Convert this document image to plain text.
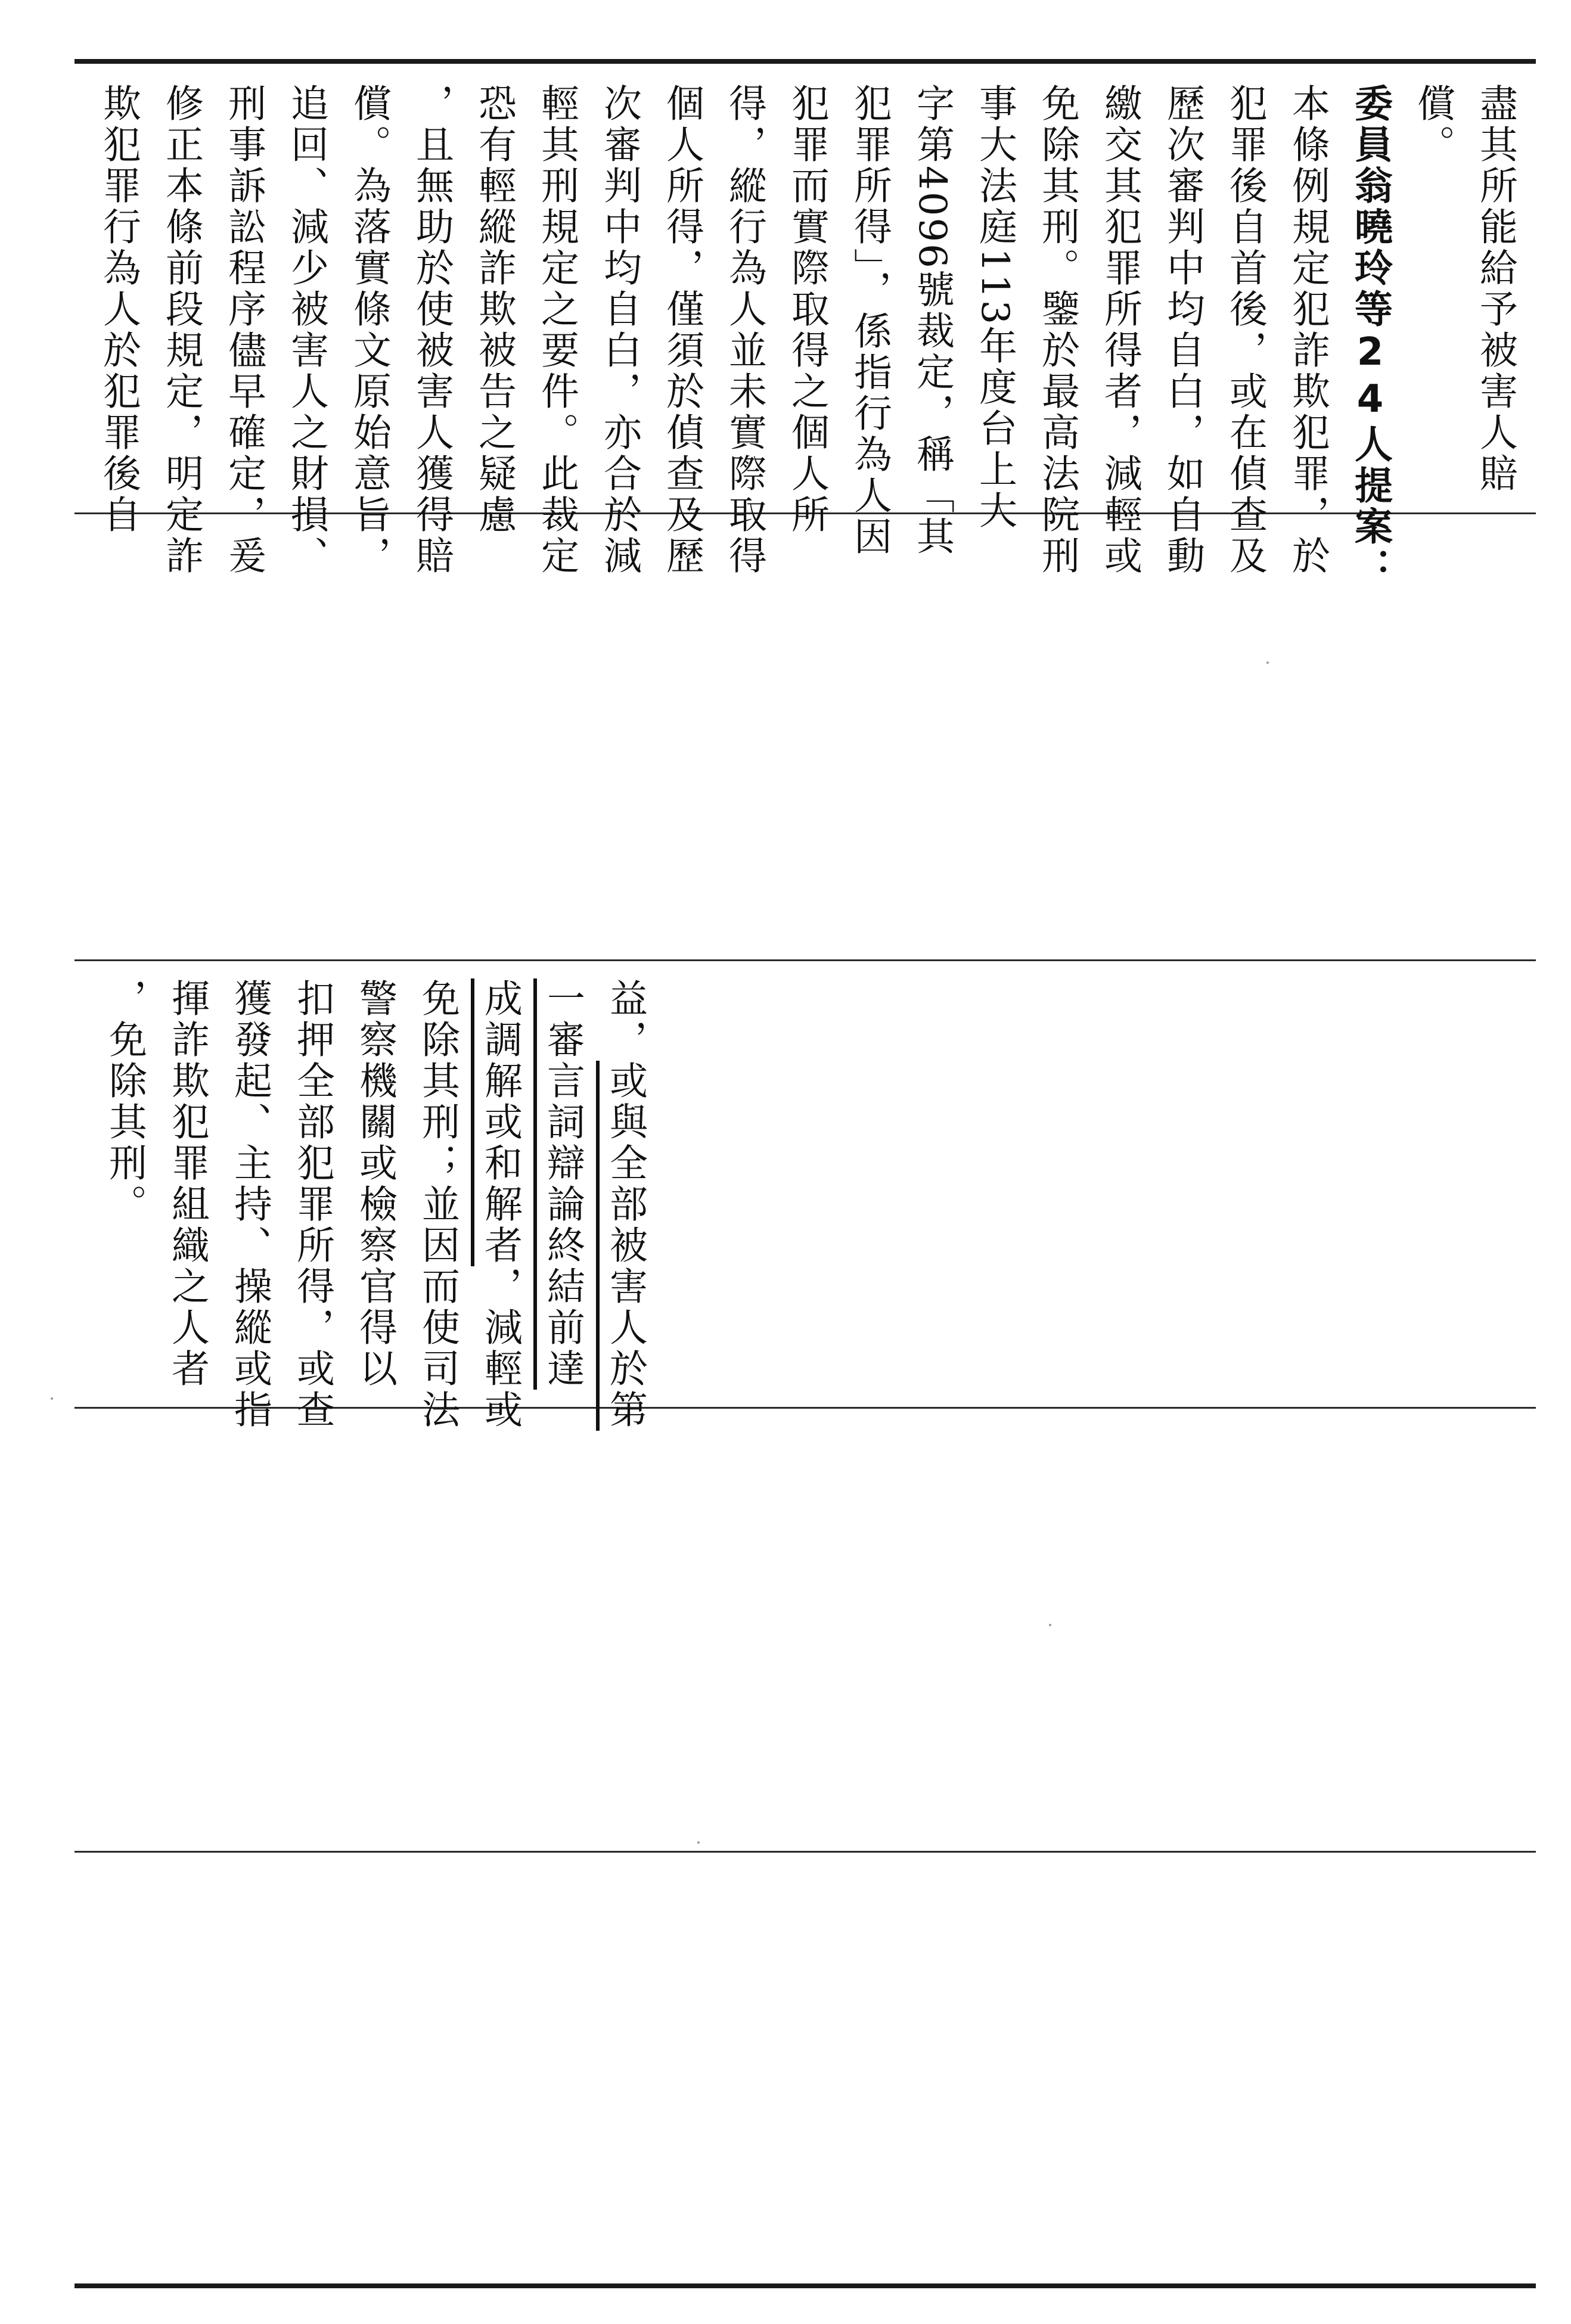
盡其所能給予被害人賠
償。
委員翁曉玲等24人提案：
本條例規定犯詐欺犯罪，於
犯罪後自首後，或在偵查及
歷次審判中均自白，如自動
繳交其犯罪所得者，減輕或
免除其刑。鑒於最高法院刑
事大法庭113年度台上大
字第4096號裁定，稱「其
犯罪所得」，係指行為人因
犯罪而實際取得之個人所
得，縱行為人並未實際取得
個人所得，僅須於偵查及歷
次審判中均自白，亦合於減
輕其刑規定之要件。此裁定
恐有輕縱詐欺被告之疑慮
，且無助於使被害人獲得賠
償。為落實條文原始意旨，
追回、減少被害人之財損、
刑事訴訟程序儘早確定，爰
修正本條前段規定，明定詐
欺犯罪行為人於犯罪後自
益，或與全部被害人於第
一審言詞辯論終結前達
成調解或和解者，減輕或
免除其刑；並因而使司法
警察機關或檢察官得以
扣押全部犯罪所得，或查
獲發起、主持、操縱或指
揮詐欺犯罪組織之人者
，免除其刑。
